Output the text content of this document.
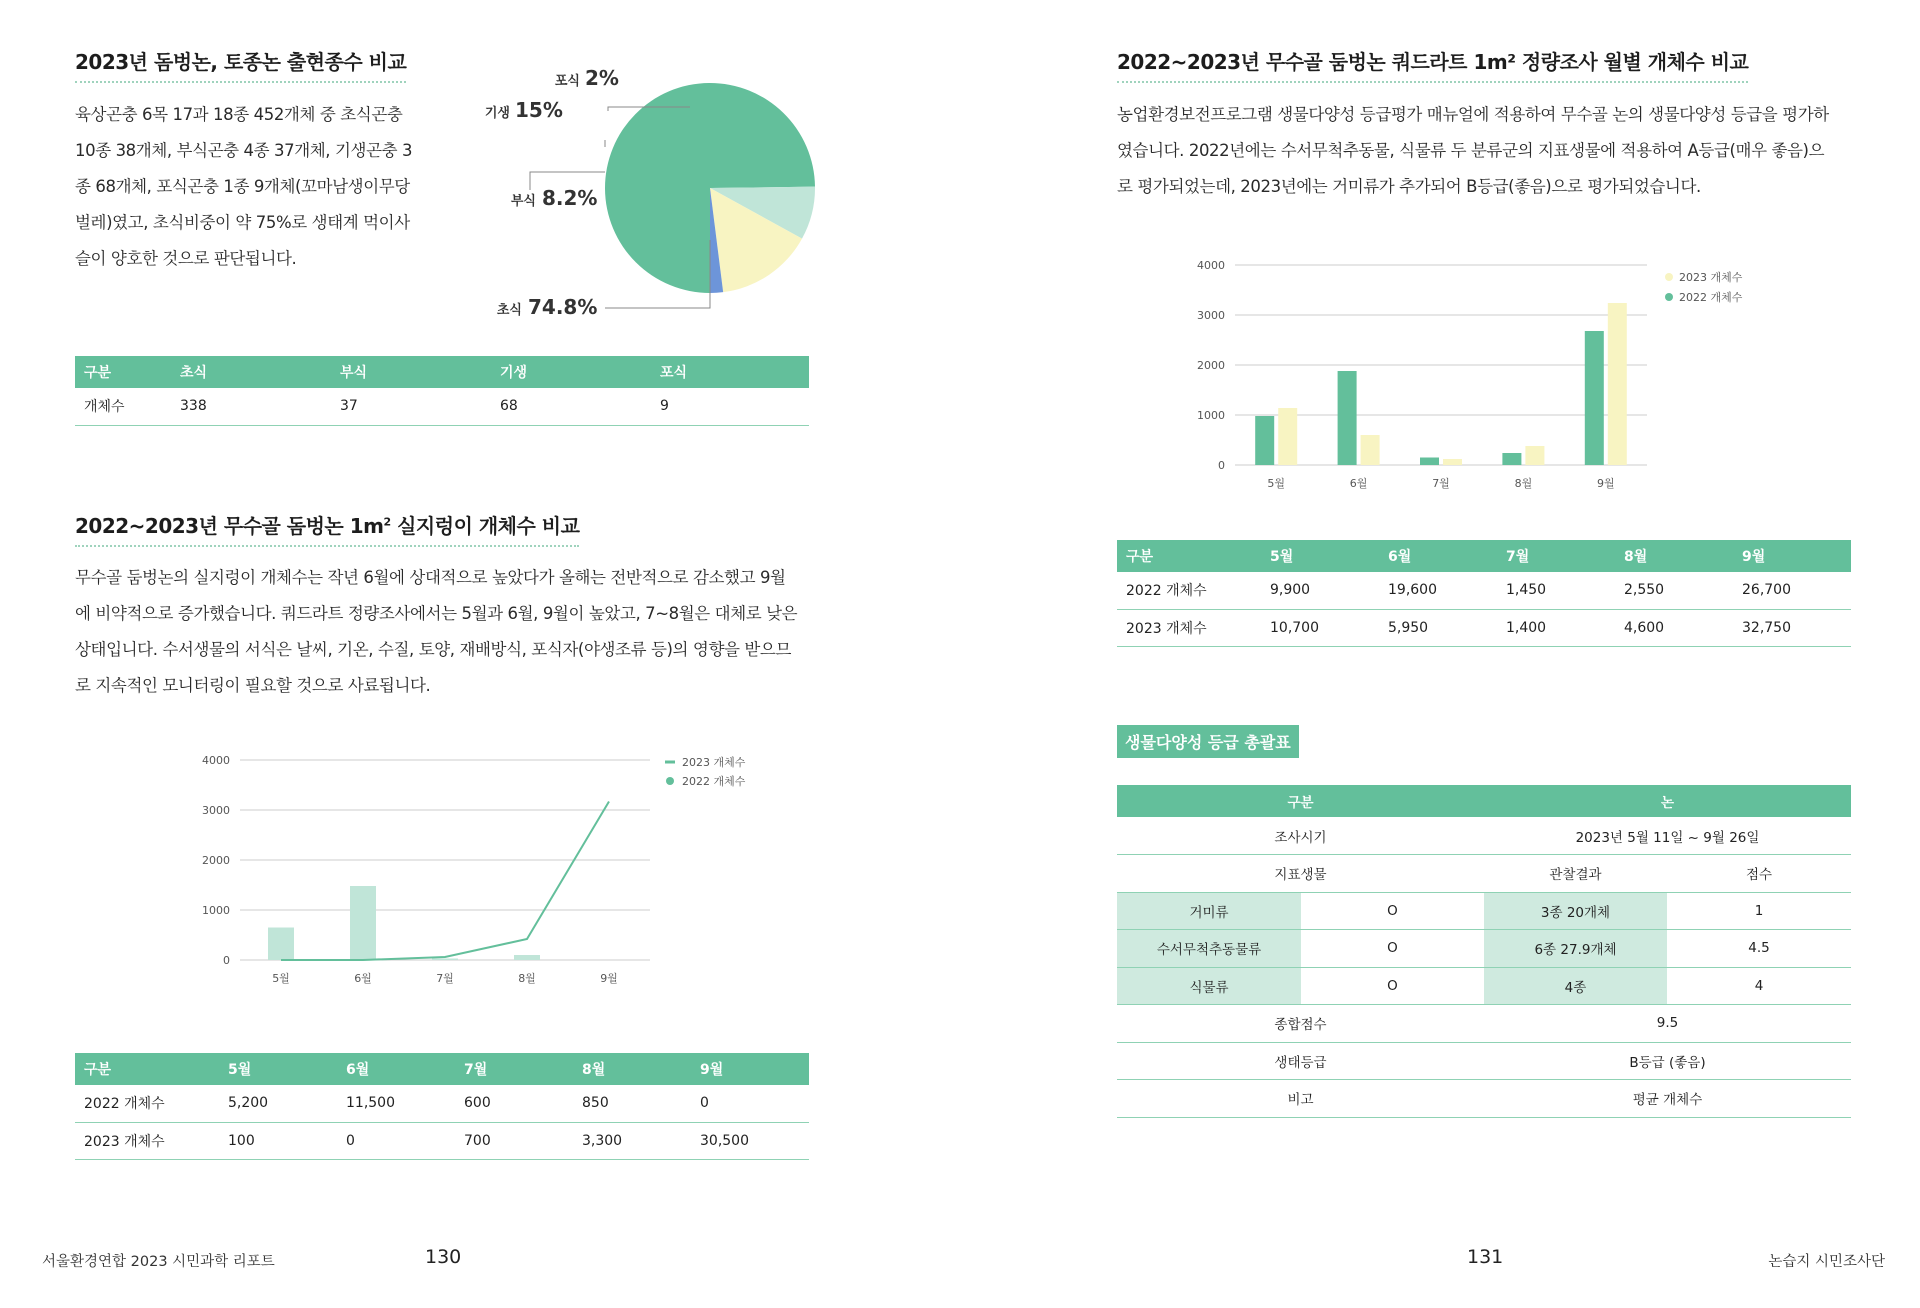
2023년 돔벙논, 토종논 출현종수 비교
육상곤충 6목 17과 18종 452개체 중 초식곤충
10종 38개체, 부식곤충 4종 37개체, 기생곤충 3
종 68개체, 포식곤충 1종 9개체(꼬마남생이무당
벌레)였고, 초식비중이 약 75%로 생태계 먹이사
슬이 양호한 것으로 판단됩니다.
포식 2%
기생 15%
부식 8.2%
초식 74.8%
구분	초식	부식	기생	포식
개체수	338	37	68	9
2022~2023년 무수골 돔벙논 $1m^2$ 실지렁이 개체수 비교
무수골 둠벙논의 실지렁이 개체수는 작년 6월에 상대적으로 높았다가 올해는 전반적으로 감소했고 9월
에 비약적으로 증가했습니다. 쿼드라트 정량조사에서는 5월과 6월, 9월이 높았고, 7~8월은 대체로 낮은
상태입니다. 수서생물의 서식은 날씨, 기온, 수질, 토양, 재배방식, 포식자(야생조류 등)의 영향을 받으므
로 지속적인 모니터링이 필요할 것으로 사료됩니다.
0
1000
2000
3000
4000
5월	6월	7월	8월	9월
2023 개체수
2022 개체수
구분	5월	6월	7월	8월	9월
2022 개체수	5,200	11,500	600	850	0
2023 개체수	100	0	700	3,300	30,500
서울환경연합 2023 시민과학 리포트	130
2022~2023년 무수골 둠벙논 쿼드라트 1m² 정량조사 월별 개체수 비교
농업환경보전프로그램 생물다양성 등급평가 매뉴얼에 적용하여 무수골 논의 생물다양성 등급을 평가하
였습니다. 2022년에는 수서무척추동물, 식물류 두 분류군의 지표생물에 적용하여 A등급(매우 좋음)으
로 평가되었는데, 2023년에는 거미류가 추가되어 B등급(좋음)으로 평가되었습니다.
0
1000
2000
3000
4000
5월	6월	7월	8월	9월
2023 개체수
2022 개체수
구분	5월	6월	7월	8월	9월
2022 개체수	9,900	19,600	1,450	2,550	26,700
2023 개체수	10,700	5,950	1,400	4,600	32,750
생물다양성 등급 총괄표
구분		논	
조사시기		2023년 5월 11일 ~ 9월 26일	
지표생물		관찰결과	점수
거미류	O	3종 20개체	1
수서무척추동물류	O	6종 27.9개체	4.5
식물류	O	4종	4
종합점수		9.5	
생태등급		B등급 (좋음)	
비고		평균 개체수	
131	논습지 시민조사단
